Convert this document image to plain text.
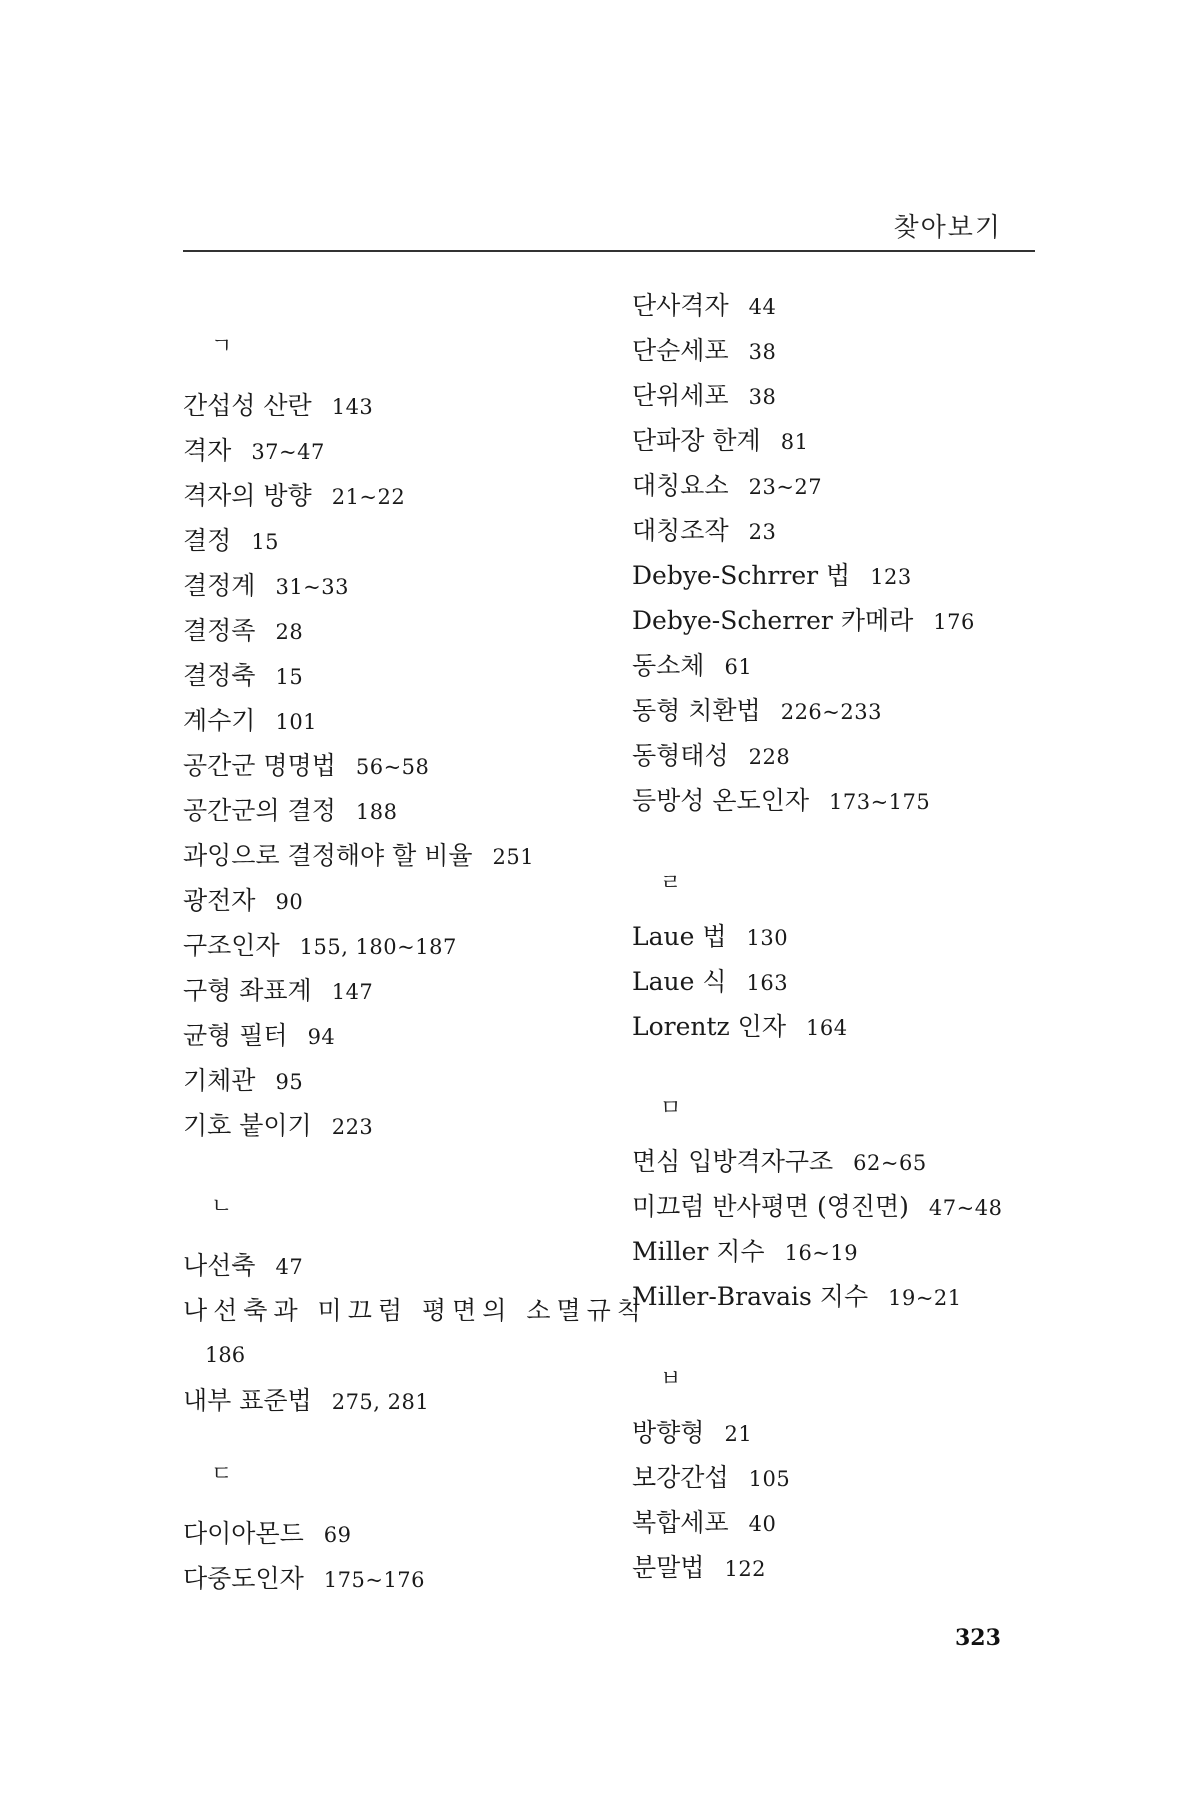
찾아보기
ㄱ
간섭성 산란 143
격자 37~47
격자의 방향 21~22
결정 15
결정계 31~33
결정족 28
결정축 15
계수기 101
공간군 명명법 56~58
공간군의 결정 188
과잉으로 결정해야 할 비율 251
광전자 90
구조인자 155, 180~187
구형 좌표계 147
균형 필터 94
기체관 95
기호 붙이기 223
ㄴ
나선축 47
나선축과 미끄럼 평면의 소멸규칙
186
내부 표준법 275, 281
ㄷ
다이아몬드 69
다중도인자 175~176
단사격자 44
단순세포 38
단위세포 38
단파장 한계 81
대칭요소 23~27
대칭조작 23
Debye-Schrrer 법 123
Debye-Scherrer 카메라 176
동소체 61
동형 치환법 226~233
동형태성 228
등방성 온도인자 173~175
ㄹ
Laue 법 130
Laue 식 163
Lorentz 인자 164
ㅁ
면심 입방격자구조 62~65
미끄럼 반사평면 (영진면) 47~48
Miller 지수 16~19
Miller-Bravais 지수 19~21
ㅂ
방향형 21
보강간섭 105
복합세포 40
분말법 122
323
